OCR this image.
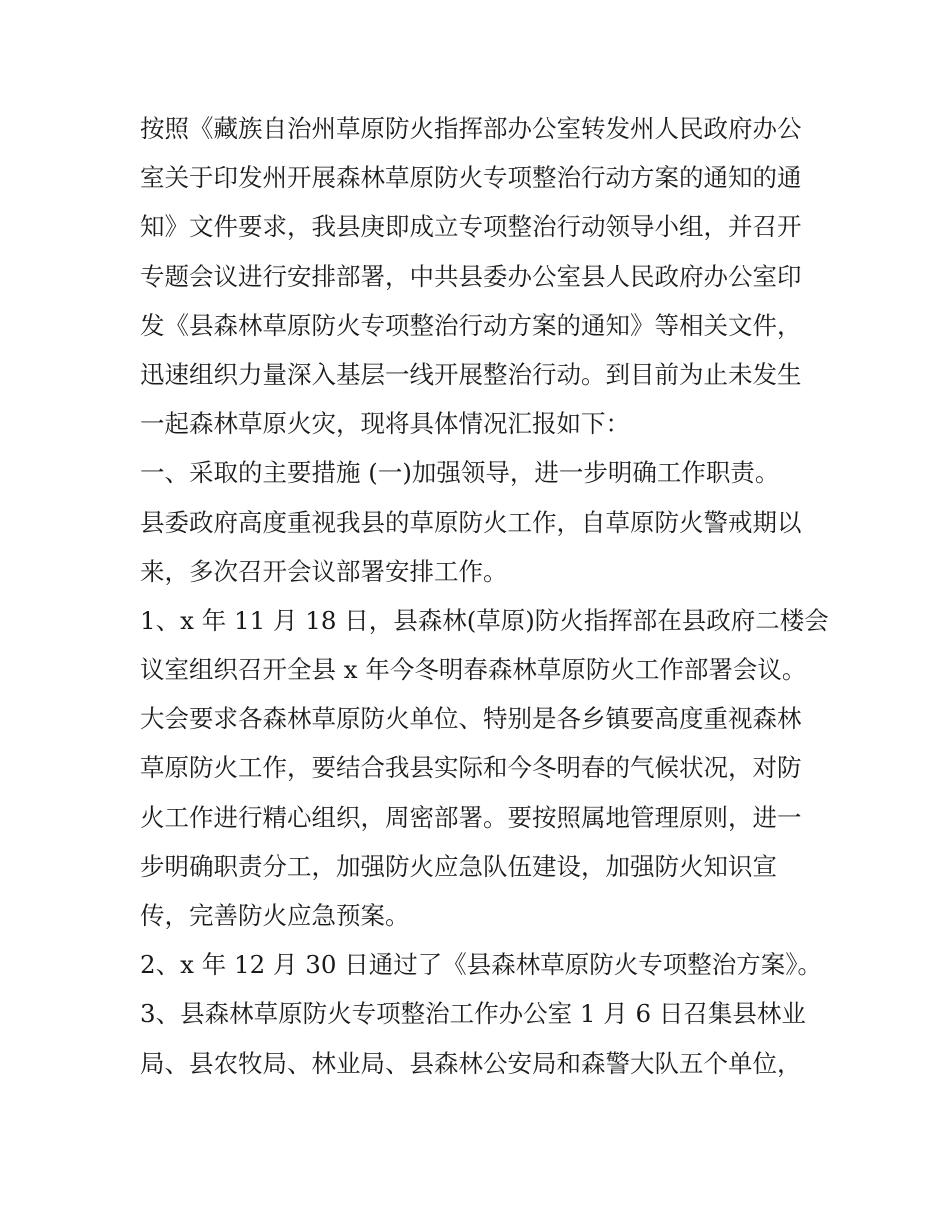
按照《藏族自治州草原防火指挥部办公室转发州人民政府办公
室关于印发州开展森林草原防火专项整治行动方案的通知的通
知》文件要求，我县庚即成立专项整治行动领导小组，并召开
专题会议进行安排部署，中共县委办公室县人民政府办公室印
发《县森林草原防火专项整治行动方案的通知》等相关文件，
迅速组织力量深入基层一线开展整治行动。到目前为止未发生
一起森林草原火灾，现将具体情况汇报如下：
一、采取的主要措施 (一)加强领导，进一步明确工作职责。
县委政府高度重视我县的草原防火工作，自草原防火警戒期以
来，多次召开会议部署安排工作。
1、x 年 11 月 18 日，县森林(草原)防火指挥部在县政府二楼会
议室组织召开全县 x 年今冬明春森林草原防火工作部署会议。
大会要求各森林草原防火单位、特别是各乡镇要高度重视森林
草原防火工作，要结合我县实际和今冬明春的气候状况，对防
火工作进行精心组织，周密部署。要按照属地管理原则，进一
步明确职责分工，加强防火应急队伍建设，加强防火知识宣
传，完善防火应急预案。
2、x 年 12 月 30 日通过了《县森林草原防火专项整治方案》。
3、县森林草原防火专项整治工作办公室 1 月 6 日召集县林业
局、县农牧局、林业局、县森林公安局和森警大队五个单位，
